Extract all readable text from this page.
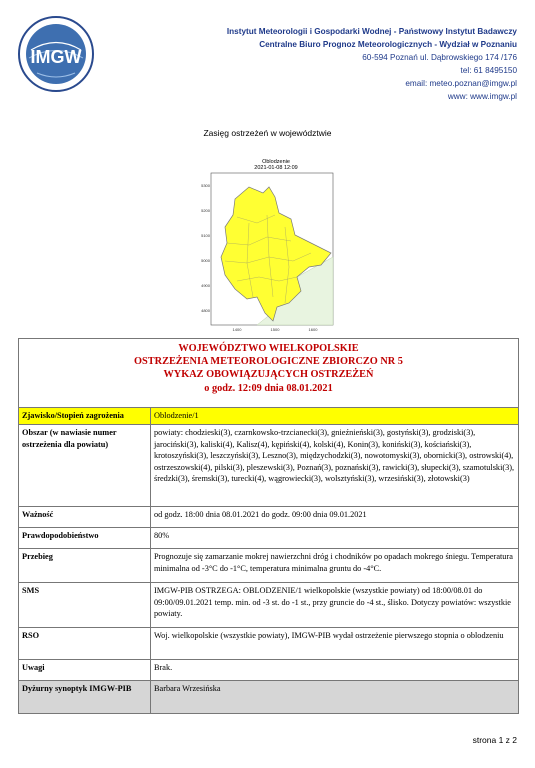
IMGW
Instytut Meteorologii i Gospodarki Wodnej - Państwowy Instytut Badawczy
Centralne Biuro Prognoz Meteorologicznych - Wydział w Poznaniu
60-594 Poznań ul. Dąbrowskiego 174 /176
tel: 61 8495150
email: meteo.poznan@imgw.pl
www: www.imgw.pl
Zasięg ostrzeżeń w województwie
Oblodzenie
2021-01-08 12:09
5300
5200
5100
5000
4900
4800
1400	1500	1600
WOJEWÓDZTWO WIELKOPOLSKIE
OSTRZEŻENIA METEOROLOGICZNE ZBIORCZO NR 5
WYKAZ OBOWIĄZUJĄCYCH OSTRZEŻEŃ
o godz. 12:09 dnia 08.01.2021
Zjawisko/Stopień zagrożenia	Oblodzenie/1
Obszar (w nawiasie numer ostrzeżenia dla powiatu)	powiaty: chodzieski(3), czarnkowsko-trzcianecki(3), gnieźnieński(3), gostyński(3), grodziski(3), jarociński(3), kaliski(4), Kalisz(4), kępiński(4), kolski(4), Konin(3), koniński(3), kościański(3), krotoszyński(3), leszczyński(3), Leszno(3), międzychodzki(3), nowotomyski(3), obornicki(3), ostrowski(4), ostrzeszowski(4), pilski(3), pleszewski(3), Poznań(3), poznański(3), rawicki(3), słupecki(3), szamotulski(3), średzki(3), śremski(3), turecki(4), wągrowiecki(3), wolsztyński(3), wrzesiński(3), złotowski(3)
Ważność	od godz. 18:00 dnia 08.01.2021 do godz. 09:00 dnia 09.01.2021
Prawdopodobieństwo	80%
Przebieg	Prognozuje się zamarzanie mokrej nawierzchni dróg i chodników po opadach mokrego śniegu. Temperatura minimalna od -3°C do -1°C, temperatura minimalna gruntu do -4°C.
SMS	IMGW-PIB OSTRZEGA: OBLODZENIE/1 wielkopolskie (wszystkie powiaty) od 18:00/08.01 do 09:00/09.01.2021 temp. min. od -3 st. do -1 st., przy gruncie do -4 st., ślisko. Dotyczy powiatów: wszystkie powiaty.
RSO	Woj. wielkopolskie (wszystkie powiaty), IMGW-PIB wydał ostrzeżenie pierwszego stopnia o oblodzeniu
Uwagi	Brak.
Dyżurny synoptyk IMGW-PIB	Barbara Wrzesińska
strona 1 z 2
